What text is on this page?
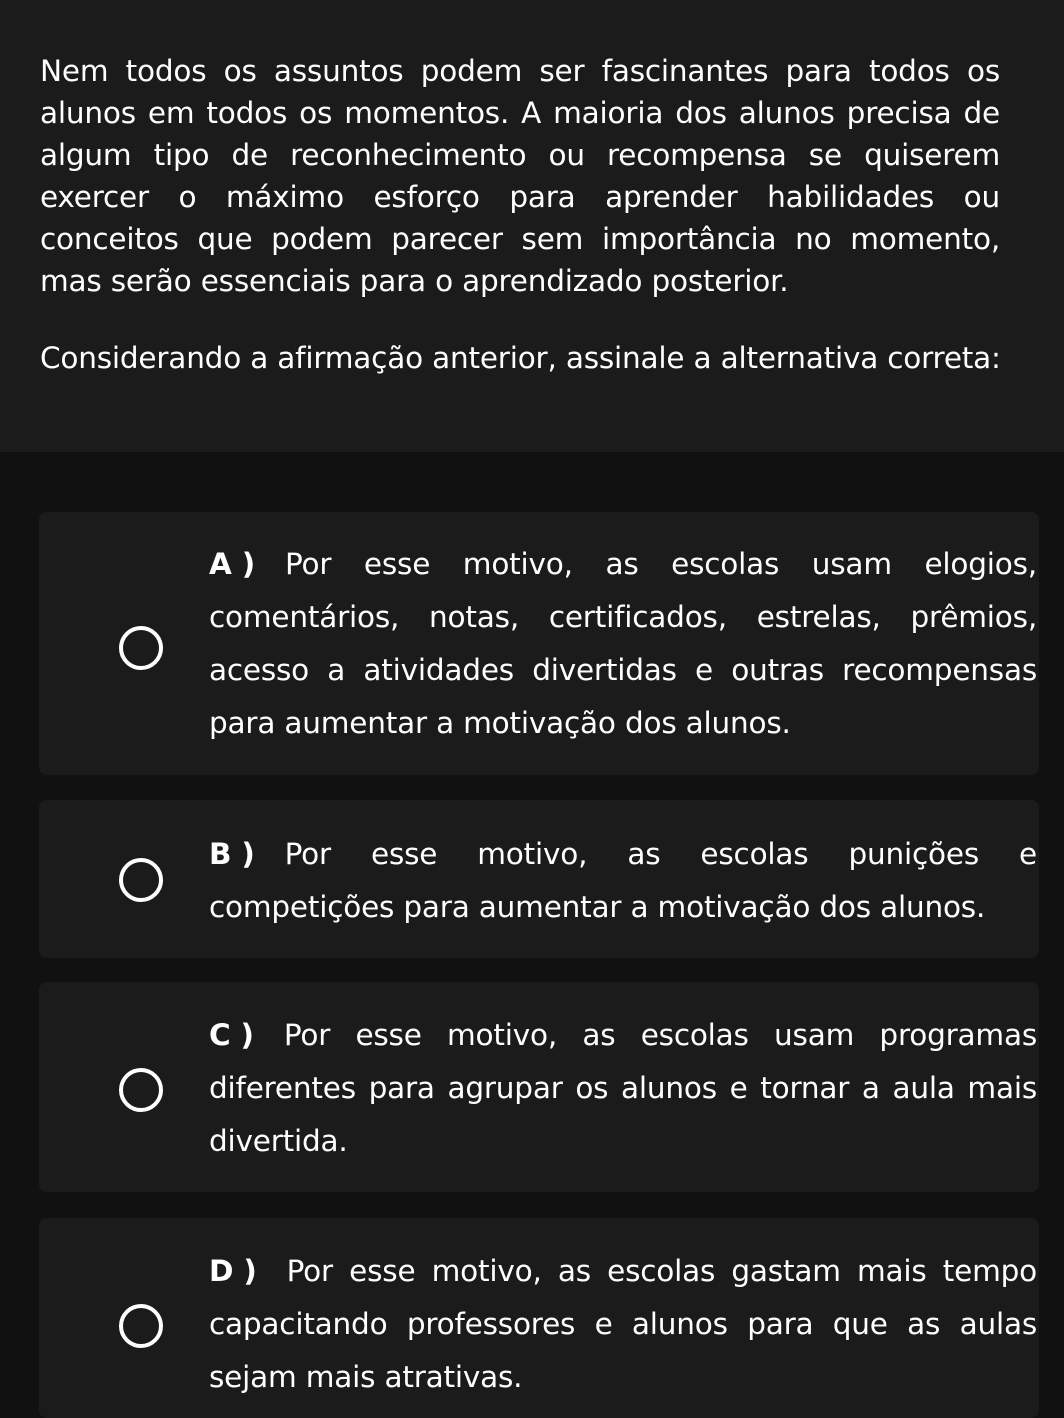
Nem todos os assuntos podem ser fascinantes para todos os alunos em todos os momentos. A maioria dos alunos precisa de algum tipo de reconhecimento ou recompensa se quiserem exercer o máximo esforço para aprender habilidades ou conceitos que podem parecer sem importância no momento, mas serão essenciais para o aprendizado posterior.
Considerando a afirmação anterior, assinale a alternativa correta:
A ) Por esse motivo, as escolas usam elogios, comentários, notas, certificados, estrelas, prêmios, acesso a atividades divertidas e outras recompensas para aumentar a motivação dos alunos.
B ) Por esse motivo, as escolas punições e competições para aumentar a motivação dos alunos.
C ) Por esse motivo, as escolas usam programas diferentes para agrupar os alunos e tornar a aula mais divertida.
D ) Por esse motivo, as escolas gastam mais tempo capacitando professores e alunos para que as aulas sejam mais atrativas.
